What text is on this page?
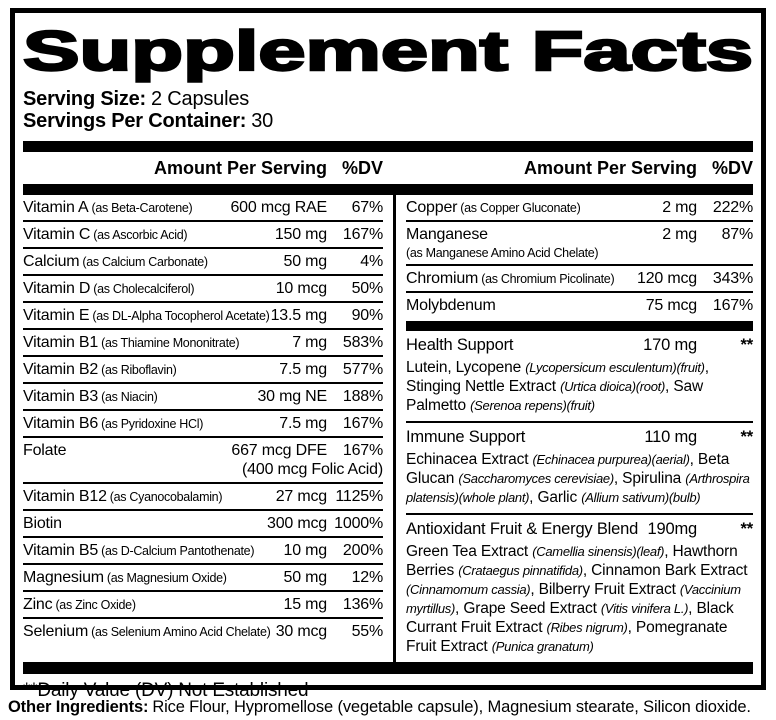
Supplement Facts
Serving Size: 2 Capsules
Servings Per Container: 30
Amount Per Serving %DV	Amount Per Serving %DV
Vitamin A (as Beta-Carotene) 600 mcg RAE	67%
Vitamin C (as Ascorbic Acid)	150 mg 167%
Calcium (as Calcium Carbonate)	50 mg	4%
Vitamin D (as Cholecalciferol)	10 mcg	50%
Vitamin E (as DL-Alpha Tocopherol Acetate) 13.5 mg	90%
Vitamin B1 (as Thiamine Mononitrate)	7 mg 583%
Vitamin B2 (as Riboflavin)	7.5 mg 577%
Vitamin B3 (as Niacin)	30 mg NE 188%
Vitamin B6 (as Pyridoxine HCl)	7.5 mg 167%
Folate	667 mcg DFE 167%
(400 mcg Folic Acid)
Vitamin B12 (as Cyanocobalamin)	27 mcg 1125%
Biotin	300 mcg 1000%
Vitamin B5 (as D-Calcium Pantothenate) 10 mg 200%
Magnesium (as Magnesium Oxide)	50 mg	12%
Zinc (as Zinc Oxide)	15 mg 136%
Selenium (as Selenium Amino Acid Chelate) 30 mcg	55%
Copper (as Copper Gluconate)	2 mg 222%
Manganese	2 mg	87%
(as Manganese Amino Acid Chelate)
Chromium (as Chromium Picolinate) 120 mcg 343%
Molybdenum	75 mcg 167%
Health Support	170 mg	**
Lutein, Lycopene (Lycopersicum esculentum)(fruit), Stinging Nettle Extract (Urtica dioica)(root), Saw Palmetto (Serenoa repens)(fruit)
Immune Support	110 mg	**
Echinacea Extract (Echinacea purpurea)(aerial), Beta Glucan (Saccharomyces cerevisiae), Spirulina (Arthrospira platensis)(whole plant), Garlic (Allium sativum)(bulb)
Antioxidant Fruit & Energy Blend 190mg	**
Green Tea Extract (Camellia sinensis)(leaf), Hawthorn Berries (Crataegus pinnatifida), Cinnamon Bark Extract (Cinnamomum cassia), Bilberry Fruit Extract (Vaccinium myrtillus), Grape Seed Extract (Vitis vinifera L.), Black Currant Fruit Extract (Ribes nigrum), Pomegranate Fruit Extract (Punica granatum)
**Daily Value (DV) Not Established
Other Ingredients: Rice Flour, Hypromellose (vegetable capsule), Magnesium stearate, Silicon dioxide.
